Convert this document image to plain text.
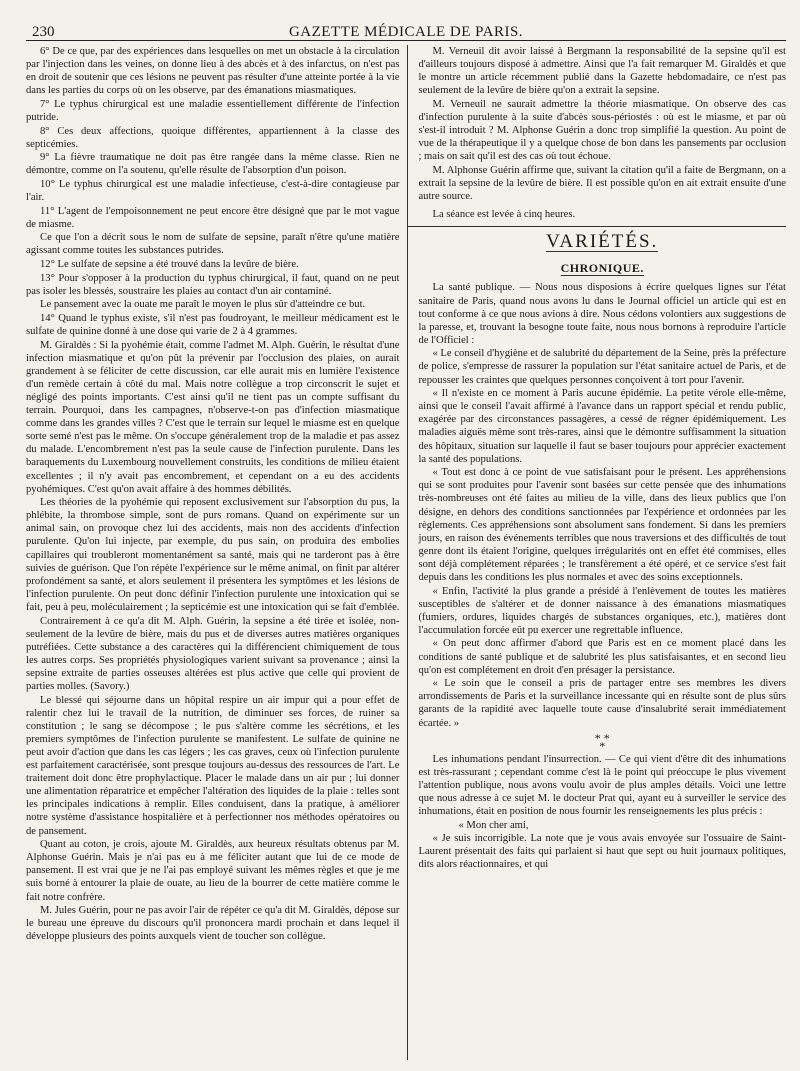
230	GAZETTE MÉDICALE DE PARIS.

6° De ce que, par des expériences dans lesquelles on met un obstacle à la circulation par l'injection dans les veines, on donne lieu à des abcès et à des infarctus, on n'est pas en droit de soutenir que ces lésions ne peuvent pas résulter d'une atteinte portée à la vie dans les parties du corps où on les observe, par des émanations miasmatiques.

7° Le typhus chirurgical est une maladie essentiellement différente de l'infection putride.

8° Ces deux affections, quoique différentes, appartiennent à la classe des septicémies.

9° La fièvre traumatique ne doit pas être rangée dans la même classe. Rien ne démontre, comme on l'a soutenu, qu'elle résulte de l'absorption d'un poison.

10° Le typhus chirurgical est une maladie infectieuse, c'est-à-dire contagieuse par l'air.

11° L'agent de l'empoisonnement ne peut encore être désigné que par le mot vague de miasme.

Ce que l'on a décrit sous le nom de sulfate de sepsine, paraît n'être qu'une matière agissant comme toutes les substances putrides.

12° Le sulfate de sepsine a été trouvé dans la levûre de bière.

13° Pour s'opposer à la production du typhus chirurgical, il faut, quand on ne peut pas isoler les blessés, soustraire les plaies au contact d'un air contaminé.

Le pansement avec la ouate me paraît le moyen le plus sûr d'atteindre ce but.

14° Quand le typhus existe, s'il n'est pas foudroyant, le meilleur médicament est le sulfate de quinine donné à une dose qui varie de 2 à 4 grammes.

M. Giraldès : Si la pyohémie était, comme l'admet M. Alph. Guérin, le résultat d'une infection miasmatique et qu'on pût la prévenir par l'occlusion des plaies, on aurait grandement à se féliciter de cette discussion, car elle aurait mis en lumière l'existence d'un remède certain à côté du mal. Mais notre collègue a trop circonscrit le sujet et négligé des points importants. C'est ainsi qu'il ne tient pas un compte suffisant du terrain. Pourquoi, dans les campagnes, n'observe-t-on pas d'infection miasmatique comme dans les grandes villes ? C'est que le terrain sur lequel le miasme est en quelque sorte semé n'est pas le même. On s'occupe généralement trop de la maladie et pas assez du malade. L'encombrement n'est pas la seule cause de l'infection purulente. Dans les baraquements du Luxembourg nouvellement construits, les conditions de milieu étaient excellentes ; il n'y avait pas encombrement, et cependant on a eu des accidents pyohémiques. C'est qu'on avait affaire à des hommes débilités.

Les théories de la pyohémie qui reposent exclusivement sur l'absorption du pus, la phlébite, la thrombose simple, sont de purs romans. Quand on expérimente sur un animal sain, on provoque chez lui des accidents, mais non des accidents d'infection purulente. Qu'on lui injecte, par exemple, du pus sain, on produira des embolies capillaires qui troubleront momentanément sa santé, mais qui ne tarderont pas à être suivies de guérison. Que l'on répète l'expérience sur le même animal, on finit par altérer profondément sa santé, et alors seulement il présentera les symptômes et les lésions de l'infection purulente. On peut donc définir l'infection purulente une intoxication qui se fait, peu à peu, moléculairement ; la septicémie est une intoxication qui se fait d'emblée.

Contrairement à ce qu'a dit M. Alph. Guérin, la sepsine a été tirée et isolée, non-seulement de la levûre de bière, mais du pus et de diverses autres matières organiques putréfiées. Cette substance a des caractères qui la différencient chimiquement de tous les autres corps. Ses propriétés physiologiques varient suivant sa provenance ; ainsi la sepsine extraite de parties osseuses altérées est plus active que celle qui provient de parties molles. (Savory.)

Le blessé qui séjourne dans un hôpital respire un air impur qui a pour effet de ralentir chez lui le travail de la nutrition, de diminuer ses forces, de ruiner sa constitution ; le sang se décompose ; le pus s'altère comme les sécrétions, et les premiers symptômes de l'infection purulente se manifestent. Le sulfate de quinine ne peut avoir d'action que dans les cas légers ; les cas graves, ceux où l'infection purulente est parfaitement caractérisée, sont presque toujours au-dessus des ressources de l'art. Le traitement doit donc être prophylactique. Placer le malade dans un air pur ; lui donner une alimentation réparatrice et empêcher l'altération des liquides de la plaie : telles sont les principales indications à remplir. Elles conduisent, dans la pratique, à améliorer notre système d'assistance hospitalière et à perfectionner nos méthodes opératoires ou de pansement.

Quant au coton, je crois, ajoute M. Giraldès, aux heureux résultats obtenus par M. Alphonse Guérin. Mais je n'ai pas eu à me féliciter autant que lui de ce mode de pansement. Il est vrai que je ne l'ai pas employé suivant les mêmes règles et que je me suis borné à entourer la plaie de ouate, au lieu de la bourrer de cette matière comme le fait notre confrère.

M. Jules Guérin, pour ne pas avoir l'air de répéter ce qu'a dit M. Giraldès, dépose sur le bureau une épreuve du discours qu'il prononcera mardi prochain et dans lequel il développe plusieurs des points auxquels vient de toucher son collègue.

M. Verneuil dit avoir laissé à Bergmann la responsabilité de la sepsine qu'il est d'ailleurs toujours disposé à admettre. Ainsi que l'a fait remarquer M. Giraldès et que le montre un article récemment publié dans la Gazette hebdomadaire, ce n'est pas seulement de la levûre de bière qu'on a extrait la sepsine.

M. Verneuil ne saurait admettre la théorie miasmatique. On observe des cas d'infection purulente à la suite d'abcès sous-périostés : où est le miasme, et par où s'est-il introduit ? M. Alphonse Guérin a donc trop simplifié la question. Au point de vue de la thérapeutique il y a quelque chose de bon dans les pansements par occlusion ; mais on sait qu'il est des cas où tout échoue.

M. Alphonse Guérin affirme que, suivant la citation qu'il a faite de Bergmann, on a extrait la sepsine de la levûre de bière. Il est possible qu'on en ait extrait ensuite d'une autre source.

La séance est levée à cinq heures.

VARIÉTÉS.
CHRONIQUE.

La santé publique. — Nous nous disposions à écrire quelques lignes sur l'état sanitaire de Paris, quand nous avons lu dans le Journal officiel un article qui est en tout conforme à ce que nous avions à dire. Nous cédons volontiers aux suggestions de la paresse, et, trouvant la besogne toute faite, nous nous bornons à reproduire l'article de l'Officiel :

« Le conseil d'hygiène et de salubrité du département de la Seine, près la préfecture de police, s'empresse de rassurer la population sur l'état sanitaire actuel de Paris, et de repousser les craintes que quelques personnes conçoivent à tort pour l'avenir.

« Il n'existe en ce moment à Paris aucune épidémie. La petite vérole elle-même, ainsi que le conseil l'avait affirmé à l'avance dans un rapport spécial et rendu public, exagérée par des circonstances passagères, a cessé de régner épidémiquement. Les maladies aiguës même sont très-rares, ainsi que le démontre suffisamment la situation des hôpitaux, situation sur laquelle il faut se baser toujours pour apprécier exactement la santé des populations.

« Tout est donc à ce point de vue satisfaisant pour le présent. Les appréhensions qui se sont produites pour l'avenir sont basées sur cette pensée que des inhumations très-nombreuses ont été faites au milieu de la ville, dans des lieux publics que l'on désigne, en dehors des conditions sanctionnées par l'expérience et ordonnées par les règlements. Ces appréhensions sont absolument sans fondement. Si dans les premiers jours, en raison des événements terribles que nous traversions et des difficultés de tout genre dont ils étaient l'origine, quelques irrégularités ont en effet été commises, elles sont déjà complétement réparées ; le transfèrement a été opéré, et ce service s'est fait depuis dans les conditions les plus normales et avec des soins exceptionnels.

« Enfin, l'activité la plus grande a présidé à l'enlèvement de toutes les matières susceptibles de s'altérer et de donner naissance à des émanations miasmatiques (fumiers, ordures, liquides chargés de substances organiques, etc.), matières dont l'accumulation forcée eût pu exercer une regrettable influence.

« On peut donc affirmer d'abord que Paris est en ce moment placé dans les conditions de santé publique et de salubrité les plus satisfaisantes, et en second lieu qu'on est complétement en droit d'en présager la persistance.

« Le soin que le conseil a pris de partager entre ses membres les divers arrondissements de Paris et la surveillance incessante qui en résulte sont de plus sûrs garants de la rapidité avec laquelle toute cause d'insalubrité serait immédiatement écartée. »

* *
*

Les inhumations pendant l'insurrection. — Ce qui vient d'être dit des inhumations est très-rassurant ; cependant comme c'est là le point qui préoccupe le plus vivement l'attention publique, nous avons voulu avoir de plus amples détails. Voici une lettre que nous adresse à ce sujet M. le docteur Prat qui, ayant eu à surveiller le service des inhumations, était en position de nous fournir les renseignements les plus précis :

« Mon cher ami,

« Je suis incorrigible. La note que je vous avais envoyée sur l'ossuaire de Saint-Laurent présentait des faits qui parlaient si haut que sept ou huit journaux politiques, dits alors réactionnaires, et qui
